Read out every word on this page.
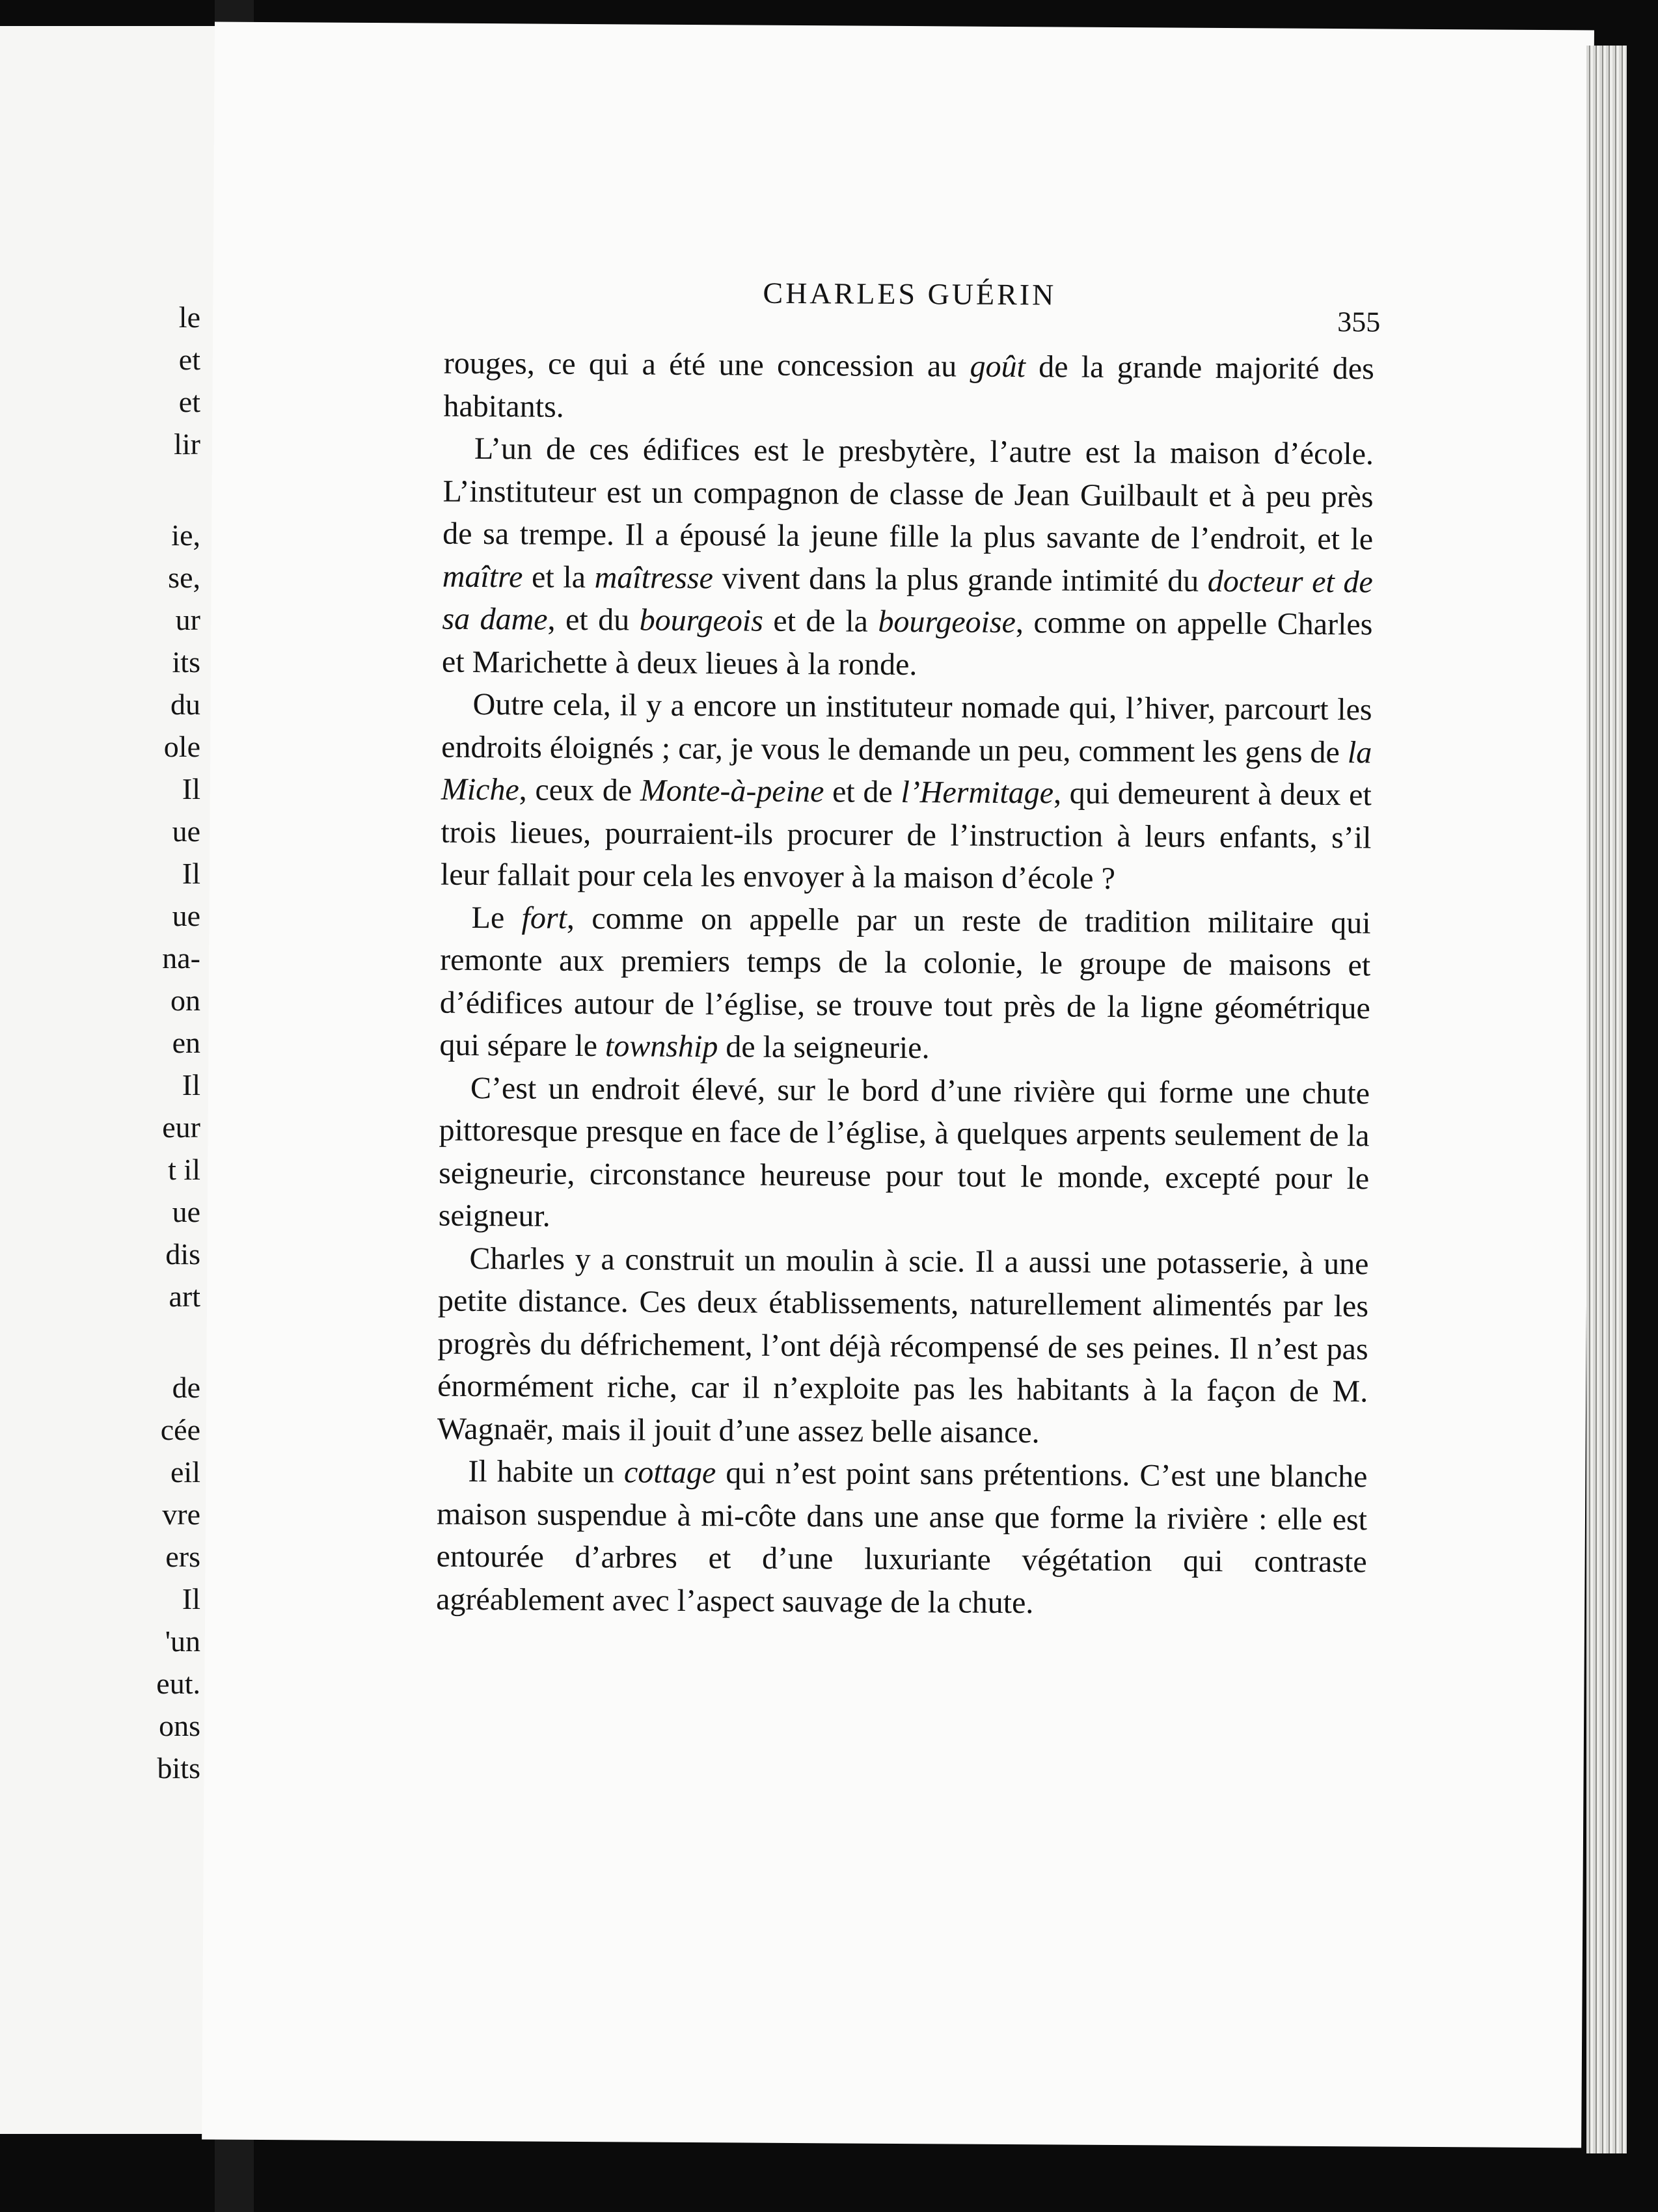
le
et
et
lir
ie,
se,
ur
its
du
ole
Il
ue
Il
ue
na-
on
en
Il
eur
t il
ue
dis
art
de
cée
eil
vre
ers
Il
'un
eut.
ons
bits
CHARLES GUÉRIN
355

rouges, ce qui a été une concession au goût de la grande majorité des habitants.

L’un de ces édifices est le presbytère, l’autre est la maison d’école. L’instituteur est un compagnon de classe de Jean Guilbault et à peu près de sa trempe. Il a épousé la jeune fille la plus savante de l’endroit, et le maître et la maîtresse vivent dans la plus grande intimité du docteur et de sa dame, et du bourgeois et de la bourgeoise, comme on appelle Charles et Marichette à deux lieues à la ronde.

Outre cela, il y a encore un instituteur nomade qui, l’hiver, parcourt les endroits éloignés ; car, je vous le demande un peu, comment les gens de la Miche, ceux de Monte-à-peine et de l’Hermitage, qui demeurent à deux et trois lieues, pourraient-ils procurer de l’instruction à leurs enfants, s’il leur fallait pour cela les envoyer à la maison d’école ?

Le fort, comme on appelle par un reste de tradition militaire qui remonte aux premiers temps de la colonie, le groupe de maisons et d’édifices autour de l’église, se trouve tout près de la ligne géométrique qui sépare le township de la seigneurie.

C’est un endroit élevé, sur le bord d’une rivière qui forme une chute pittoresque presque en face de l’église, à quelques arpents seulement de la seigneurie, circonstance heureuse pour tout le monde, excepté pour le seigneur.

Charles y a construit un moulin à scie. Il a aussi une potasserie, à une petite distance. Ces deux établissements, naturellement alimentés par les progrès du défrichement, l’ont déjà récompensé de ses peines. Il n’est pas énormément riche, car il n’exploite pas les habitants à la façon de M. Wagnaër, mais il jouit d’une assez belle aisance.

Il habite un cottage qui n’est point sans prétentions. C’est une blanche maison suspendue à mi-côte dans une anse que forme la rivière : elle est entourée d’arbres et d’une luxuriante végétation qui contraste agréablement avec l’aspect sauvage de la chute.
